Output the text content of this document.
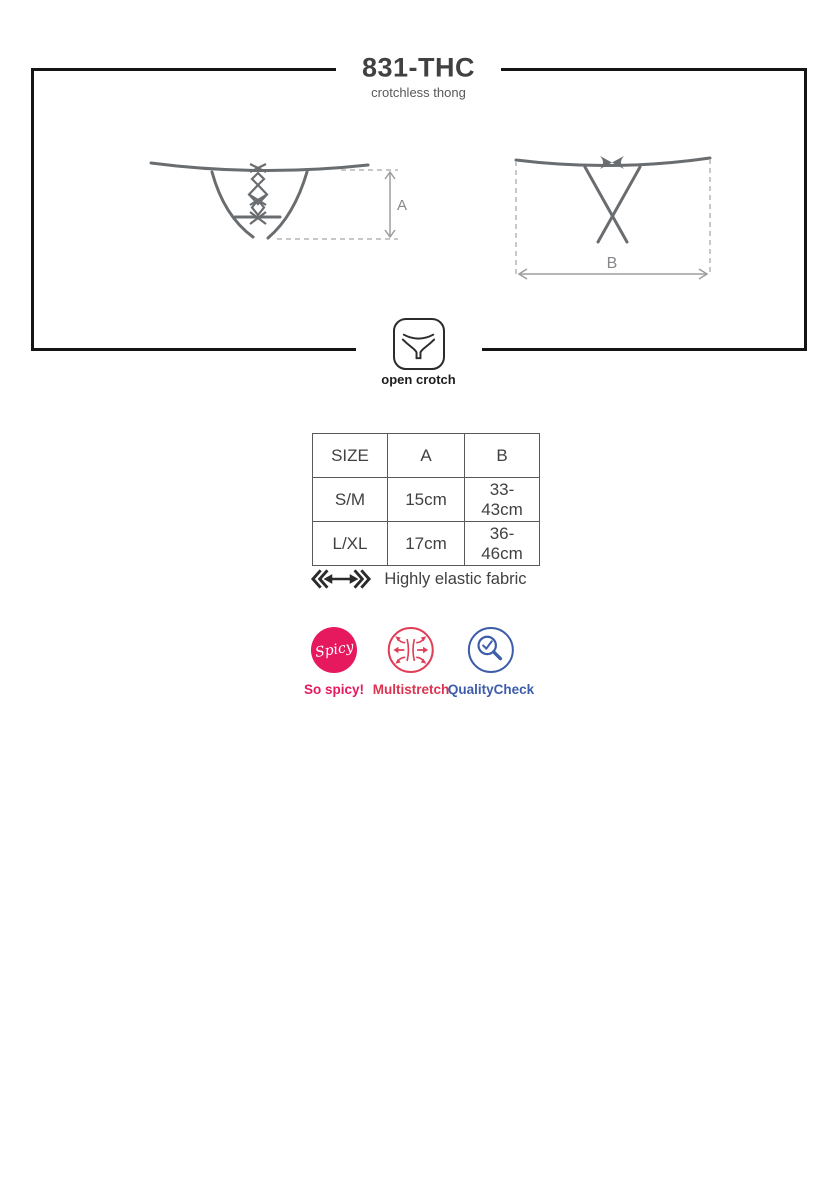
831-THC
crotchless thong
A
B
open crotch
SIZE	A	B
S/M	15cm	33-43cm
L/XL	17cm	36-46cm
Highly elastic fabric
Spicy
So spicy! Multistretch
QualityCheck
